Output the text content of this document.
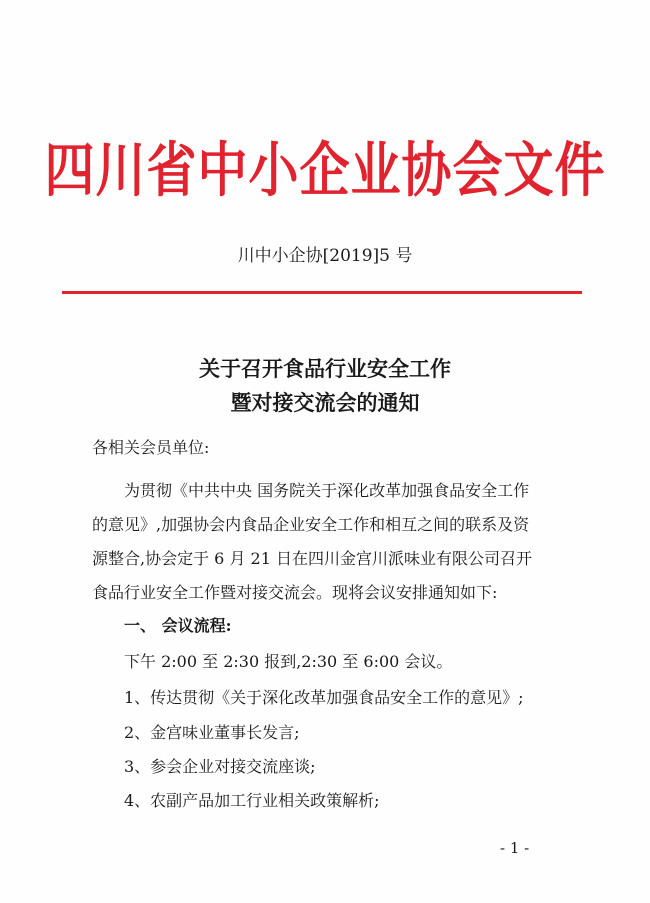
四川省中小企业协会文件
川中小企协[2019]5 号
关于召开食品行业安全工作
暨对接交流会的通知
各相关会员单位:
为贯彻《中共中央 国务院关于深化改革加强食品安全工作
的意见》,加强协会内食品企业安全工作和相互之间的联系及资
源整合,协会定于 6 月 21 日在四川金宫川派味业有限公司召开
食品行业安全工作暨对接交流会。现将会议安排通知如下:
一、 会议流程:
下午 2:00 至 2:30 报到,2:30 至 6:00 会议。
1、传达贯彻《关于深化改革加强食品安全工作的意见》;
2、金宫味业董事长发言;
3、参会企业对接交流座谈;
4、农副产品加工行业相关政策解析;
- 1 -
